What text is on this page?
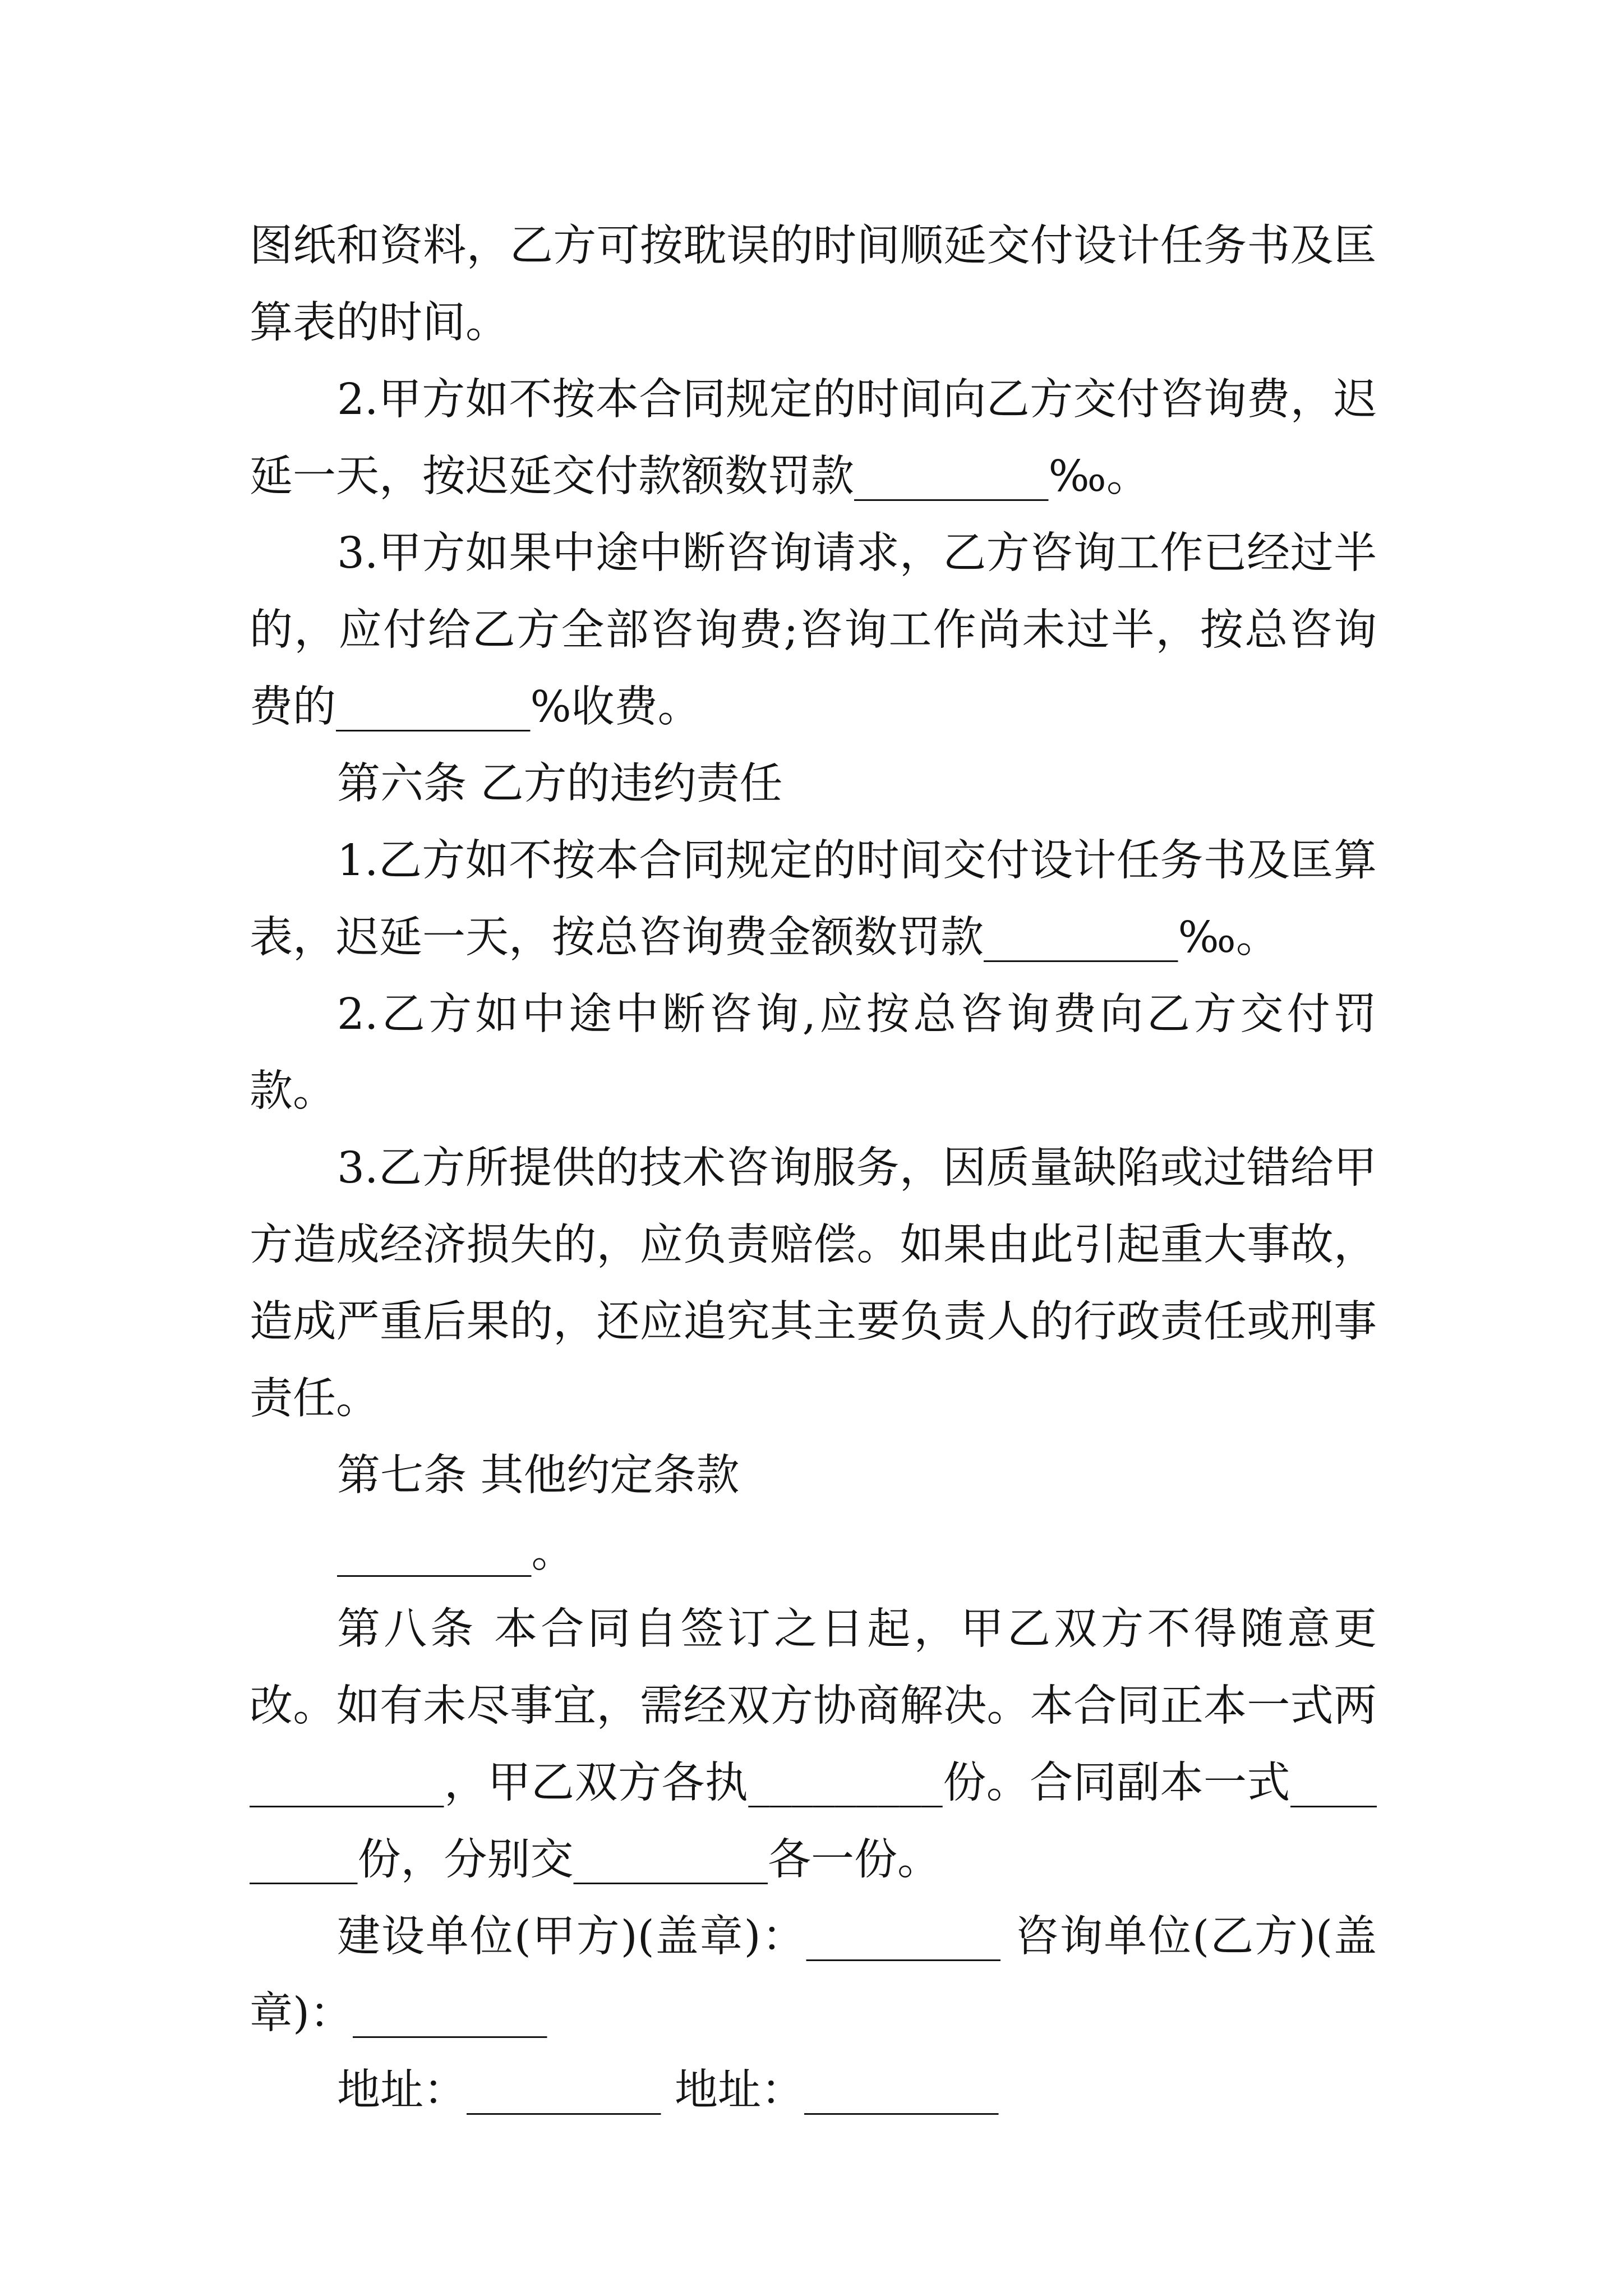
图纸和资料，乙方可按耽误的时间顺延交付设计任务书及匡算表的时间。

2.甲方如不按本合同规定的时间向乙方交付咨询费，迟延一天，按迟延交付款额数罚款_________‰。

3.甲方如果中途中断咨询请求，乙方咨询工作已经过半的，应付给乙方全部咨询费;咨询工作尚未过半，按总咨询费的_________%收费。

第六条 乙方的违约责任

1.乙方如不按本合同规定的时间交付设计任务书及匡算表，迟延一天，按总咨询费金额数罚款_________‰。

2.乙方如中途中断咨询,应按总咨询费向乙方交付罚款。

3.乙方所提供的技术咨询服务，因质量缺陷或过错给甲方造成经济损失的，应负责赔偿。如果由此引起重大事故，造成严重后果的，还应追究其主要负责人的行政责任或刑事责任。

第七条 其他约定条款

_________。

第八条 本合同自签订之日起，甲乙双方不得随意更改。如有未尽事宜，需经双方协商解决。本合同正本一式两_________，甲乙双方各执_________份。合同副本一式_________份，分别交_________各一份。

建设单位(甲方)(盖章)：_________ 咨询单位(乙方)(盖章)：_________

地址：_________ 地址：_________
